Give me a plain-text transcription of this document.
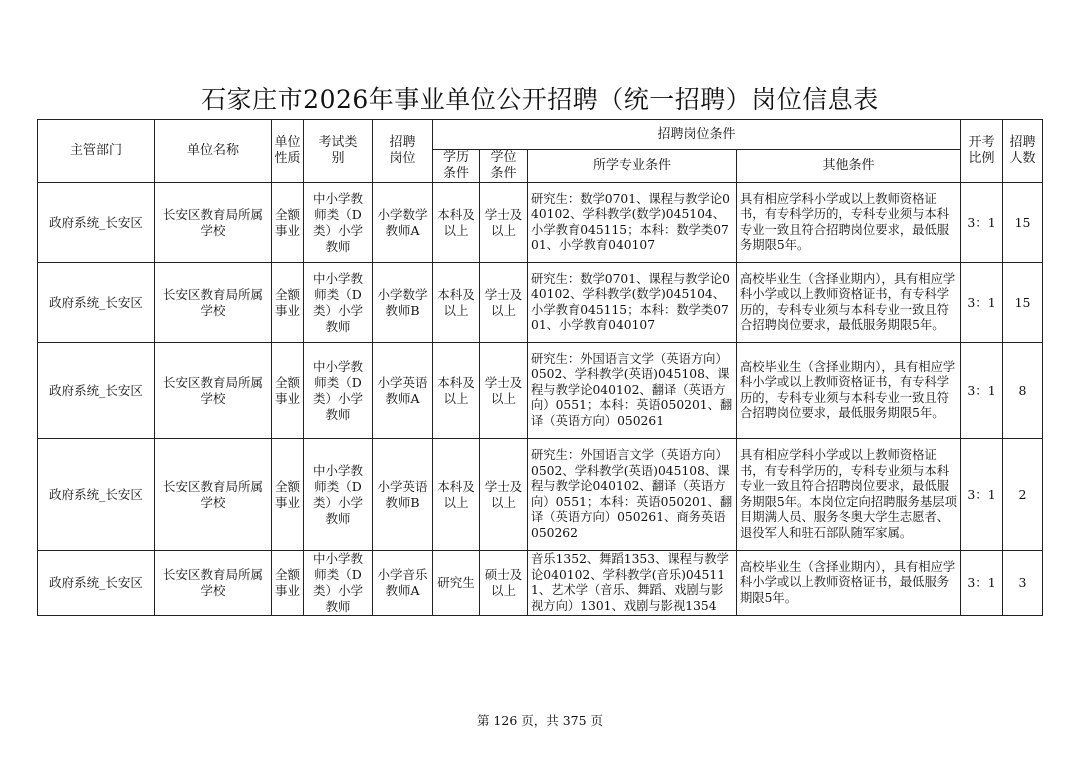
石家庄市2026年事业单位公开招聘（统一招聘）岗位信息表
主管部门	单位名称	单位性质	考试类别	招聘岗位	招聘岗位条件				开考比例	招聘人数
					学历条件	学位条件	所学专业条件	其他条件		
政府系统_长安区	长安区教育局所属学校	全额事业	中小学教师类（D类）小学教师	小学数学教师A	本科及以上	学士及以上	研究生：数学0701、课程与教学论040102、学科教学(数学)045104、小学教育045115；本科：数学类0701、小学教育040107	具有相应学科小学或以上教师资格证书，有专科学历的，专科专业须与本科专业一致且符合招聘岗位要求，最低服务期限5年。	3：1	15
政府系统_长安区	长安区教育局所属学校	全额事业	中小学教师类（D类）小学教师	小学数学教师B	本科及以上	学士及以上	研究生：数学0701、课程与教学论040102、学科教学(数学)045104、小学教育045115；本科：数学类0701、小学教育040107	高校毕业生（含择业期内），具有相应学科小学或以上教师资格证书，有专科学历的，专科专业须与本科专业一致且符合招聘岗位要求，最低服务期限5年。	3：1	15
政府系统_长安区	长安区教育局所属学校	全额事业	中小学教师类（D类）小学教师	小学英语教师A	本科及以上	学士及以上	研究生：外国语言文学（英语方向）0502、学科教学(英语)045108、课程与教学论040102、翻译（英语方向）0551；本科：英语050201、翻译（英语方向）050261	高校毕业生（含择业期内），具有相应学科小学或以上教师资格证书，有专科学历的，专科专业须与本科专业一致且符合招聘岗位要求，最低服务期限5年。	3：1	8
政府系统_长安区	长安区教育局所属学校	全额事业	中小学教师类（D类）小学教师	小学英语教师B	本科及以上	学士及以上	研究生：外国语言文学（英语方向）0502、学科教学(英语)045108、课程与教学论040102、翻译（英语方向）0551；本科：英语050201、翻译（英语方向）050261、商务英语050262	具有相应学科小学或以上教师资格证书，有专科学历的，专科专业须与本科专业一致且符合招聘岗位要求，最低服务期限5年。本岗位定向招聘服务基层项目期满人员、服务冬奥大学生志愿者、退役军人和驻石部队随军家属。	3：1	2
政府系统_长安区	长安区教育局所属学校	全额事业	中小学教师类（D类）小学教师	小学音乐教师A	研究生	硕士及以上	音乐1352、舞蹈1353、课程与教学论040102、学科教学(音乐)045111、艺术学（音乐、舞蹈、戏剧与影视方向）1301、戏剧与影视1354	高校毕业生（含择业期内），具有相应学科小学或以上教师资格证书，最低服务期限5年。	3：1	3
第 126 页，共 375 页
